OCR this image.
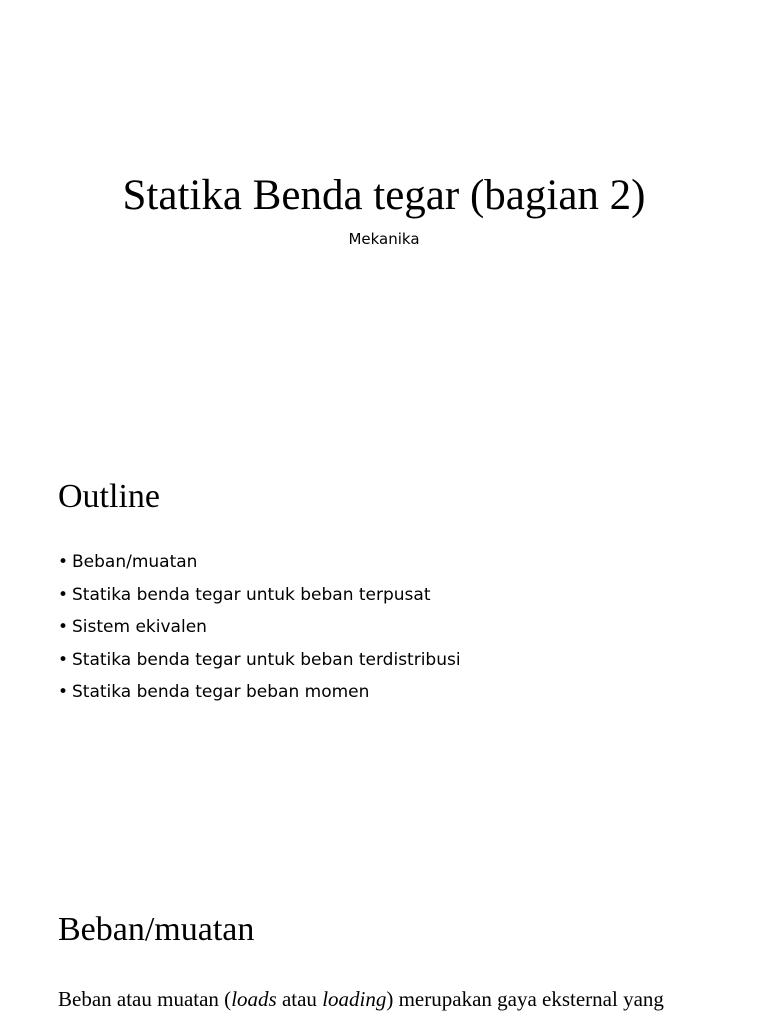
Statika Benda tegar (bagian 2)
Mekanika
Outline
• Beban/muatan
• Statika benda tegar untuk beban terpusat
• Sistem ekivalen
• Statika benda tegar untuk beban terdistribusi
• Statika benda tegar beban momen
Beban/muatan
Beban atau muatan (loads atau loading) merupakan gaya eksternal yang
